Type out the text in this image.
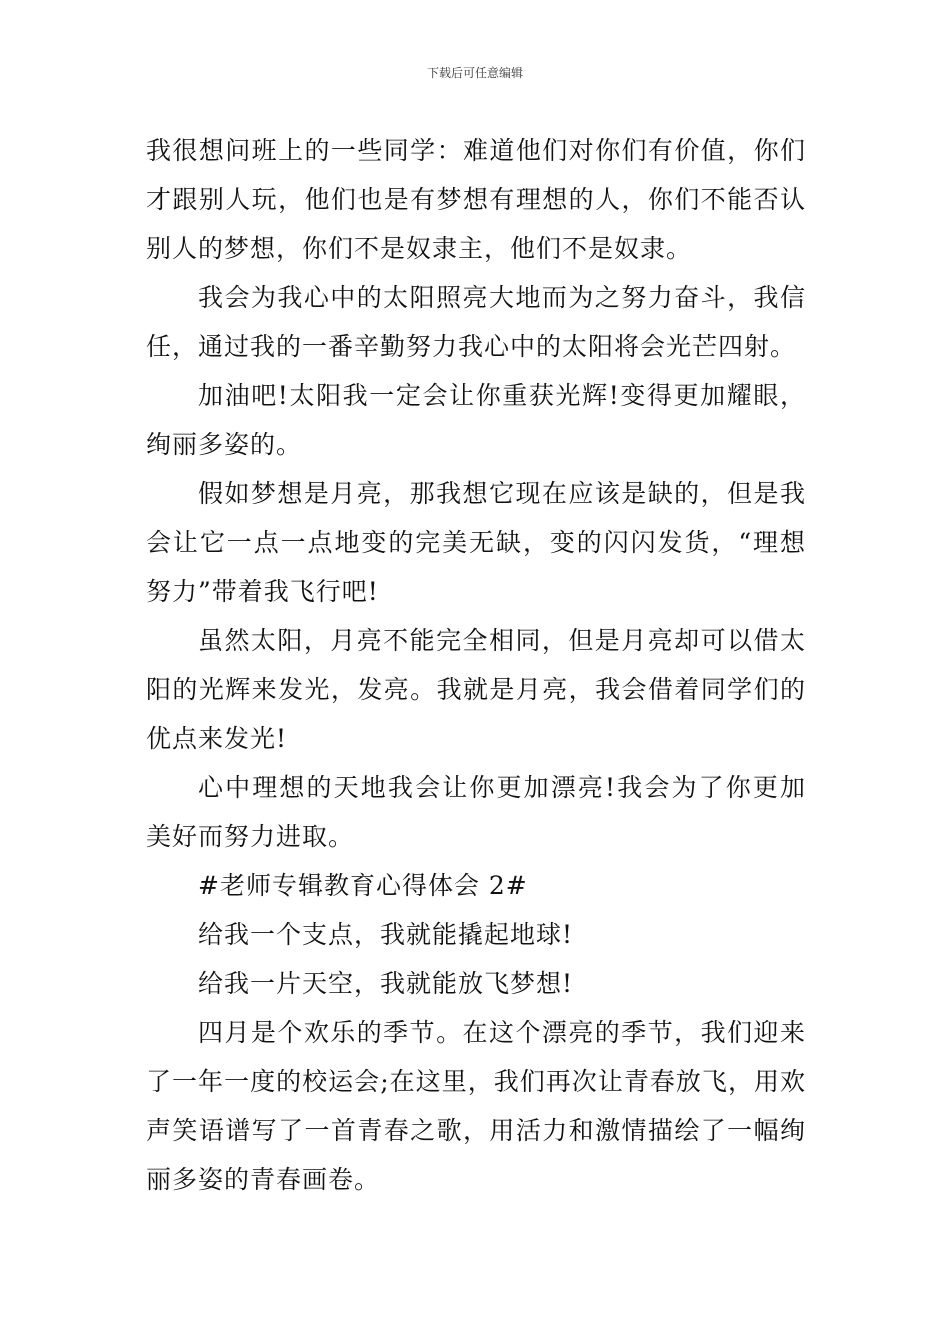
下载后可任意编辑

我很想问班上的一些同学：难道他们对你们有价值，你们才跟别人玩，他们也是有梦想有理想的人，你们不能否认别人的梦想，你们不是奴隶主，他们不是奴隶。

我会为我心中的太阳照亮大地而为之努力奋斗，我信任，通过我的一番辛勤努力我心中的太阳将会光芒四射。

加油吧!太阳我一定会让你重获光辉!变得更加耀眼，绚丽多姿的。

假如梦想是月亮，那我想它现在应该是缺的，但是我会让它一点一点地变的完美无缺，变的闪闪发货，“理想努力”带着我飞行吧!

虽然太阳，月亮不能完全相同，但是月亮却可以借太阳的光辉来发光，发亮。我就是月亮，我会借着同学们的优点来发光!

心中理想的天地我会让你更加漂亮!我会为了你更加美好而努力进取。

#老师专辑教育心得体会 2#

给我一个支点，我就能撬起地球!

给我一片天空，我就能放飞梦想!

四月是个欢乐的季节。在这个漂亮的季节，我们迎来了一年一度的校运会;在这里，我们再次让青春放飞，用欢声笑语谱写了一首青春之歌，用活力和激情描绘了一幅绚丽多姿的青春画卷。
